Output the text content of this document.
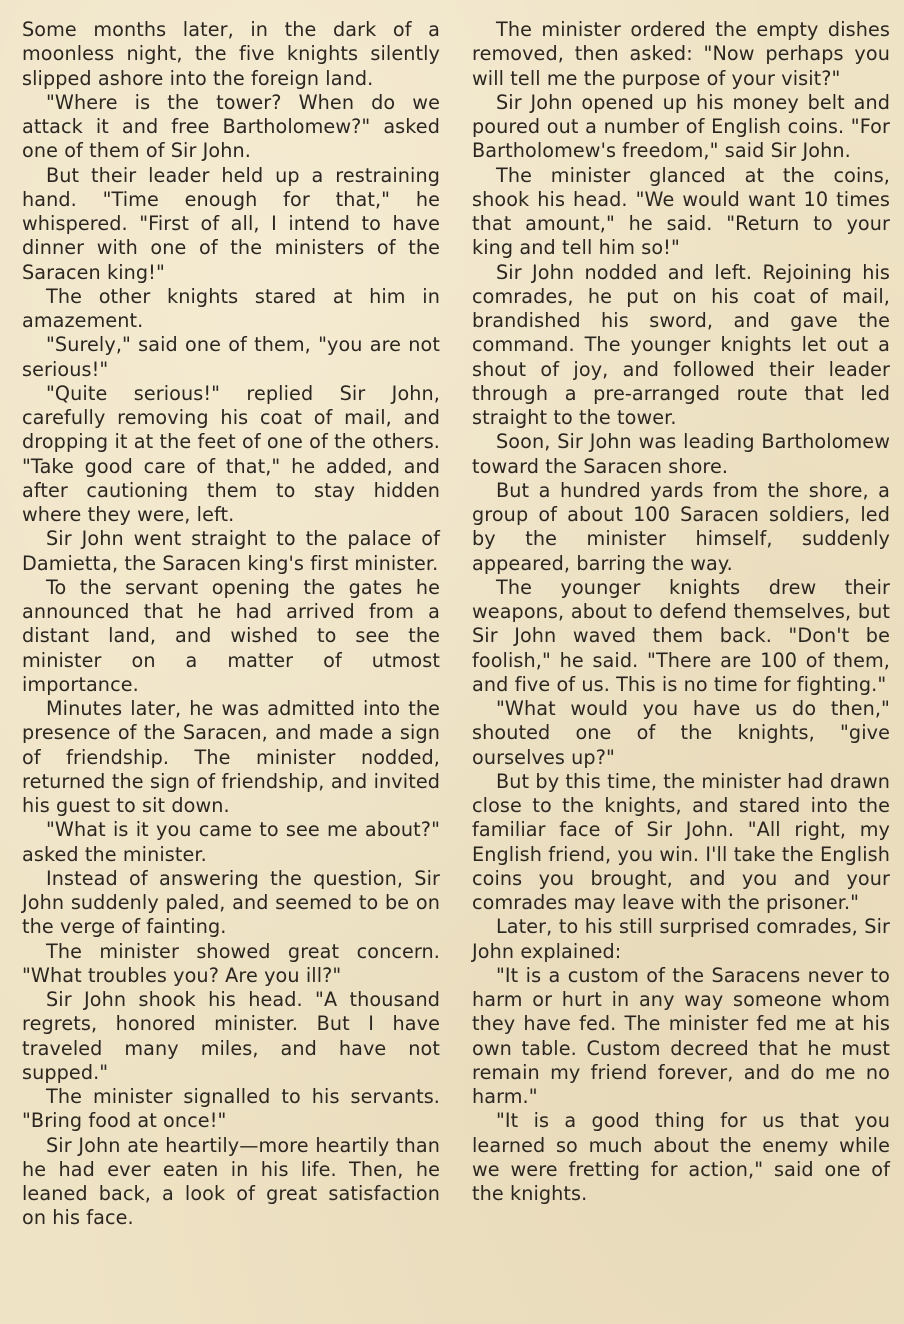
Some months later, in the dark of a moonless night, the five knights silently slipped ashore into the foreign land.

"Where is the tower? When do we attack it and free Bartholomew?" asked one of them of Sir John.

But their leader held up a restraining hand. "Time enough for that," he whispered. "First of all, I intend to have dinner with one of the ministers of the Saracen king!"

The other knights stared at him in amazement.

"Surely," said one of them, "you are not serious!"

"Quite serious!" replied Sir John, carefully removing his coat of mail, and dropping it at the feet of one of the others. "Take good care of that," he added, and after cautioning them to stay hidden where they were, left.

Sir John went straight to the palace of Damietta, the Saracen king's first minister.

To the servant opening the gates he announced that he had arrived from a distant land, and wished to see the minister on a matter of utmost importance.

Minutes later, he was admitted into the presence of the Saracen, and made a sign of friendship. The minister nodded, returned the sign of friendship, and invited his guest to sit down.

"What is it you came to see me about?" asked the minister.

Instead of answering the question, Sir John suddenly paled, and seemed to be on the verge of fainting.

The minister showed great concern. "What troubles you? Are you ill?"

Sir John shook his head. "A thousand regrets, honored minister. But I have traveled many miles, and have not supped."

The minister signalled to his servants. "Bring food at once!"

Sir John ate heartily—more heartily than he had ever eaten in his life. Then, he leaned back, a look of great satisfaction on his face.

The minister ordered the empty dishes removed, then asked: "Now perhaps you will tell me the purpose of your visit?"

Sir John opened up his money belt and poured out a number of English coins. "For Bartholomew's freedom," said Sir John.

The minister glanced at the coins, shook his head. "We would want 10 times that amount," he said. "Return to your king and tell him so!"

Sir John nodded and left. Rejoining his comrades, he put on his coat of mail, brandished his sword, and gave the command. The younger knights let out a shout of joy, and followed their leader through a pre-arranged route that led straight to the tower.

Soon, Sir John was leading Bartholomew toward the Saracen shore.

But a hundred yards from the shore, a group of about 100 Saracen soldiers, led by the minister himself, suddenly appeared, barring the way.

The younger knights drew their weapons, about to defend themselves, but Sir John waved them back. "Don't be foolish," he said. "There are 100 of them, and five of us. This is no time for fighting."

"What would you have us do then," shouted one of the knights, "give ourselves up?"

But by this time, the minister had drawn close to the knights, and stared into the familiar face of Sir John. "All right, my English friend, you win. I'll take the English coins you brought, and you and your comrades may leave with the prisoner."

Later, to his still surprised comrades, Sir John explained:

"It is a custom of the Saracens never to harm or hurt in any way someone whom they have fed. The minister fed me at his own table. Custom decreed that he must remain my friend forever, and do me no harm."

"It is a good thing for us that you learned so much about the enemy while we were fretting for action," said one of the knights.
